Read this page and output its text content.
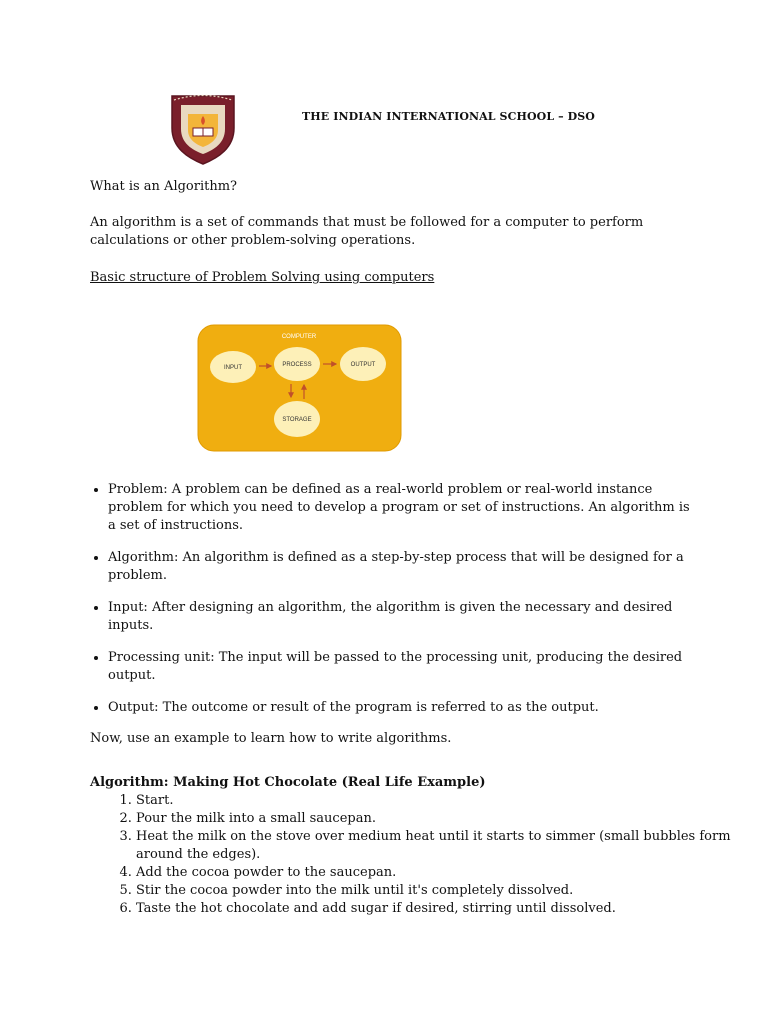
THE INDIAN INTERNATIONAL SCHOOL – DSO
What is an Algorithm?
An algorithm is a set of commands that must be followed for a computer to perform calculations or other problem-solving operations.
Basic structure of Problem Solving using computers
COMPUTER
INPUT	PROCESS	OUTPUT
STORAGE
• Problem: A problem can be defined as a real-world problem or real-world instance problem for which you need to develop a program or set of instructions. An algorithm is a set of instructions.
• Algorithm: An algorithm is defined as a step-by-step process that will be designed for a problem.
• Input: After designing an algorithm, the algorithm is given the necessary and desired inputs.
• Processing unit: The input will be passed to the processing unit, producing the desired output.
• Output: The outcome or result of the program is referred to as the output.
Now, use an example to learn how to write algorithms.
Algorithm: Making Hot Chocolate (Real Life Example)
1. Start.
2. Pour the milk into a small saucepan.
3. Heat the milk on the stove over medium heat until it starts to simmer (small bubbles form around the edges).
4. Add the cocoa powder to the saucepan.
5. Stir the cocoa powder into the milk until it's completely dissolved.
6. Taste the hot chocolate and add sugar if desired, stirring until dissolved.
